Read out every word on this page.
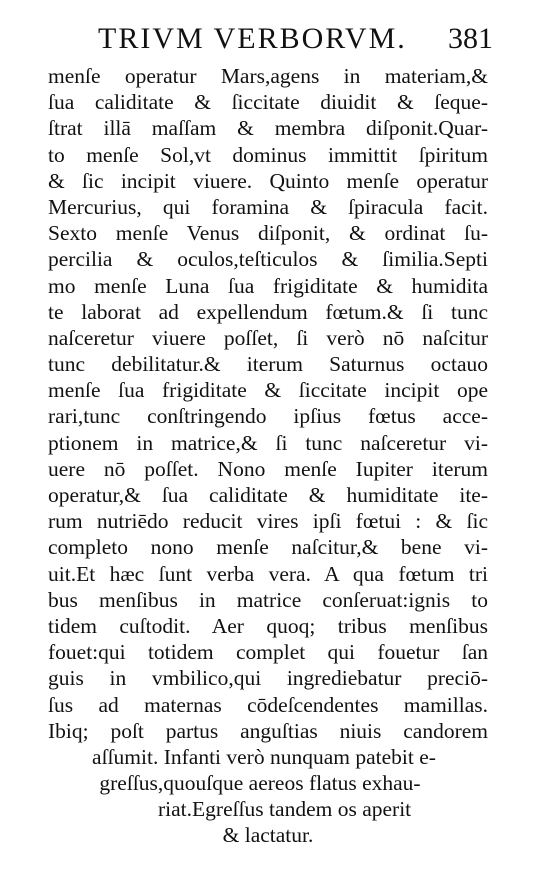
TRIVM VERBORVM. 381
menſe operatur Mars,agens in materiam,&
ſua caliditate & ſiccitate diuidit & ſeque-
ſtrat illā maſſam & membra diſponit.Quar-
to menſe Sol,vt dominus immittit ſpiritum
& ſic incipit viuere. Quinto menſe operatur
Mercurius, qui foramina & ſpiracula facit.
Sexto menſe Venus diſponit, & ordinat ſu-
percilia & oculos,teſticulos & ſimilia.Septi
mo menſe Luna ſua frigiditate & humidita
te laborat ad expellendum fœtum.& ſi tunc
naſceretur viuere poſſet, ſi verò nō naſcitur
tunc debilitatur.& iterum Saturnus octauo
menſe ſua frigiditate & ſiccitate incipit ope
rari,tunc conſtringendo ipſius fœtus acce-
ptionem in matrice,& ſi tunc naſceretur vi-
uere nō poſſet. Nono menſe Iupiter iterum
operatur,& ſua caliditate & humiditate ite-
rum nutriēdo reducit vires ipſi fœtui : & ſic
completo nono menſe naſcitur,& bene vi-
uit.Et hæc ſunt verba vera. A qua fœtum tri
bus menſibus in matrice conſeruat:ignis to
tidem cuſtodit. Aer quoq; tribus menſibus
fouet:qui totidem complet qui fouetur ſan
guis in vmbilico,qui ingrediebatur preciō-
ſus ad maternas cōdeſcendentes mamillas.
Ibiq; poſt partus anguſtias niuis candorem
aſſumit. Infanti verò nunquam patebit e-
greſſus,quouſque aereos flatus exhau-
riat.Egreſſus tandem os aperit
& lactatur.
